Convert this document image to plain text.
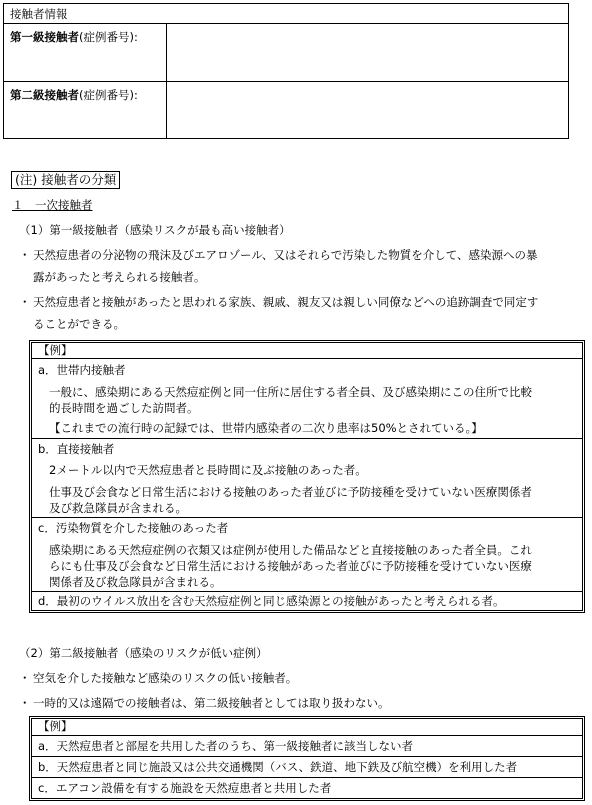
接触者情報
第一級接触者(症例番号):
第二級接触者(症例番号):
(注) 接触者の分類
１　一次接触者
（1）第一級接触者（感染リスクが最も高い接触者）
・ 天然痘患者の分泌物の飛沫及びエアロゾール、又はそれらで汚染した物質を介して、感染源への暴
露があったと考えられる接触者。
・ 天然痘患者と接触があったと思われる家族、親戚、親友又は親しい同僚などへの追跡調査で同定す
ることができる。
【例】
a．世帯内接触者
一般に、感染期にある天然痘症例と同一住所に居住する者全員、及び感染期にこの住所で比較
的長時間を過ごした訪問者。
【これまでの流行時の記録では、世帯内感染者の二次り患率は50%とされている。】
b．直接接触者
2メートル以内で天然痘患者と長時間に及ぶ接触のあった者。
仕事及び会食など日常生活における接触のあった者並びに予防接種を受けていない医療関係者
及び救急隊員が含まれる。
c．汚染物質を介した接触のあった者
感染期にある天然痘症例の衣類又は症例が使用した備品などと直接接触のあった者全員。これ
らにも仕事及び会食など日常生活における接触があった者並びに予防接種を受けていない医療
関係者及び救急隊員が含まれる。
d．最初のウイルス放出を含む天然痘症例と同じ感染源との接触があったと考えられる者。
（2）第二級接触者（感染のリスクが低い症例）
・ 空気を介した接触など感染のリスクの低い接触者。
・ 一時的又は遠隔での接触者は、第二級接触者としては取り扱わない。
【例】
a．天然痘患者と部屋を共用した者のうち、第一級接触者に該当しない者
b．天然痘患者と同じ施設又は公共交通機関（バス、鉄道、地下鉄及び航空機）を利用した者
c．エアコン設備を有する施設を天然痘患者と共用した者
